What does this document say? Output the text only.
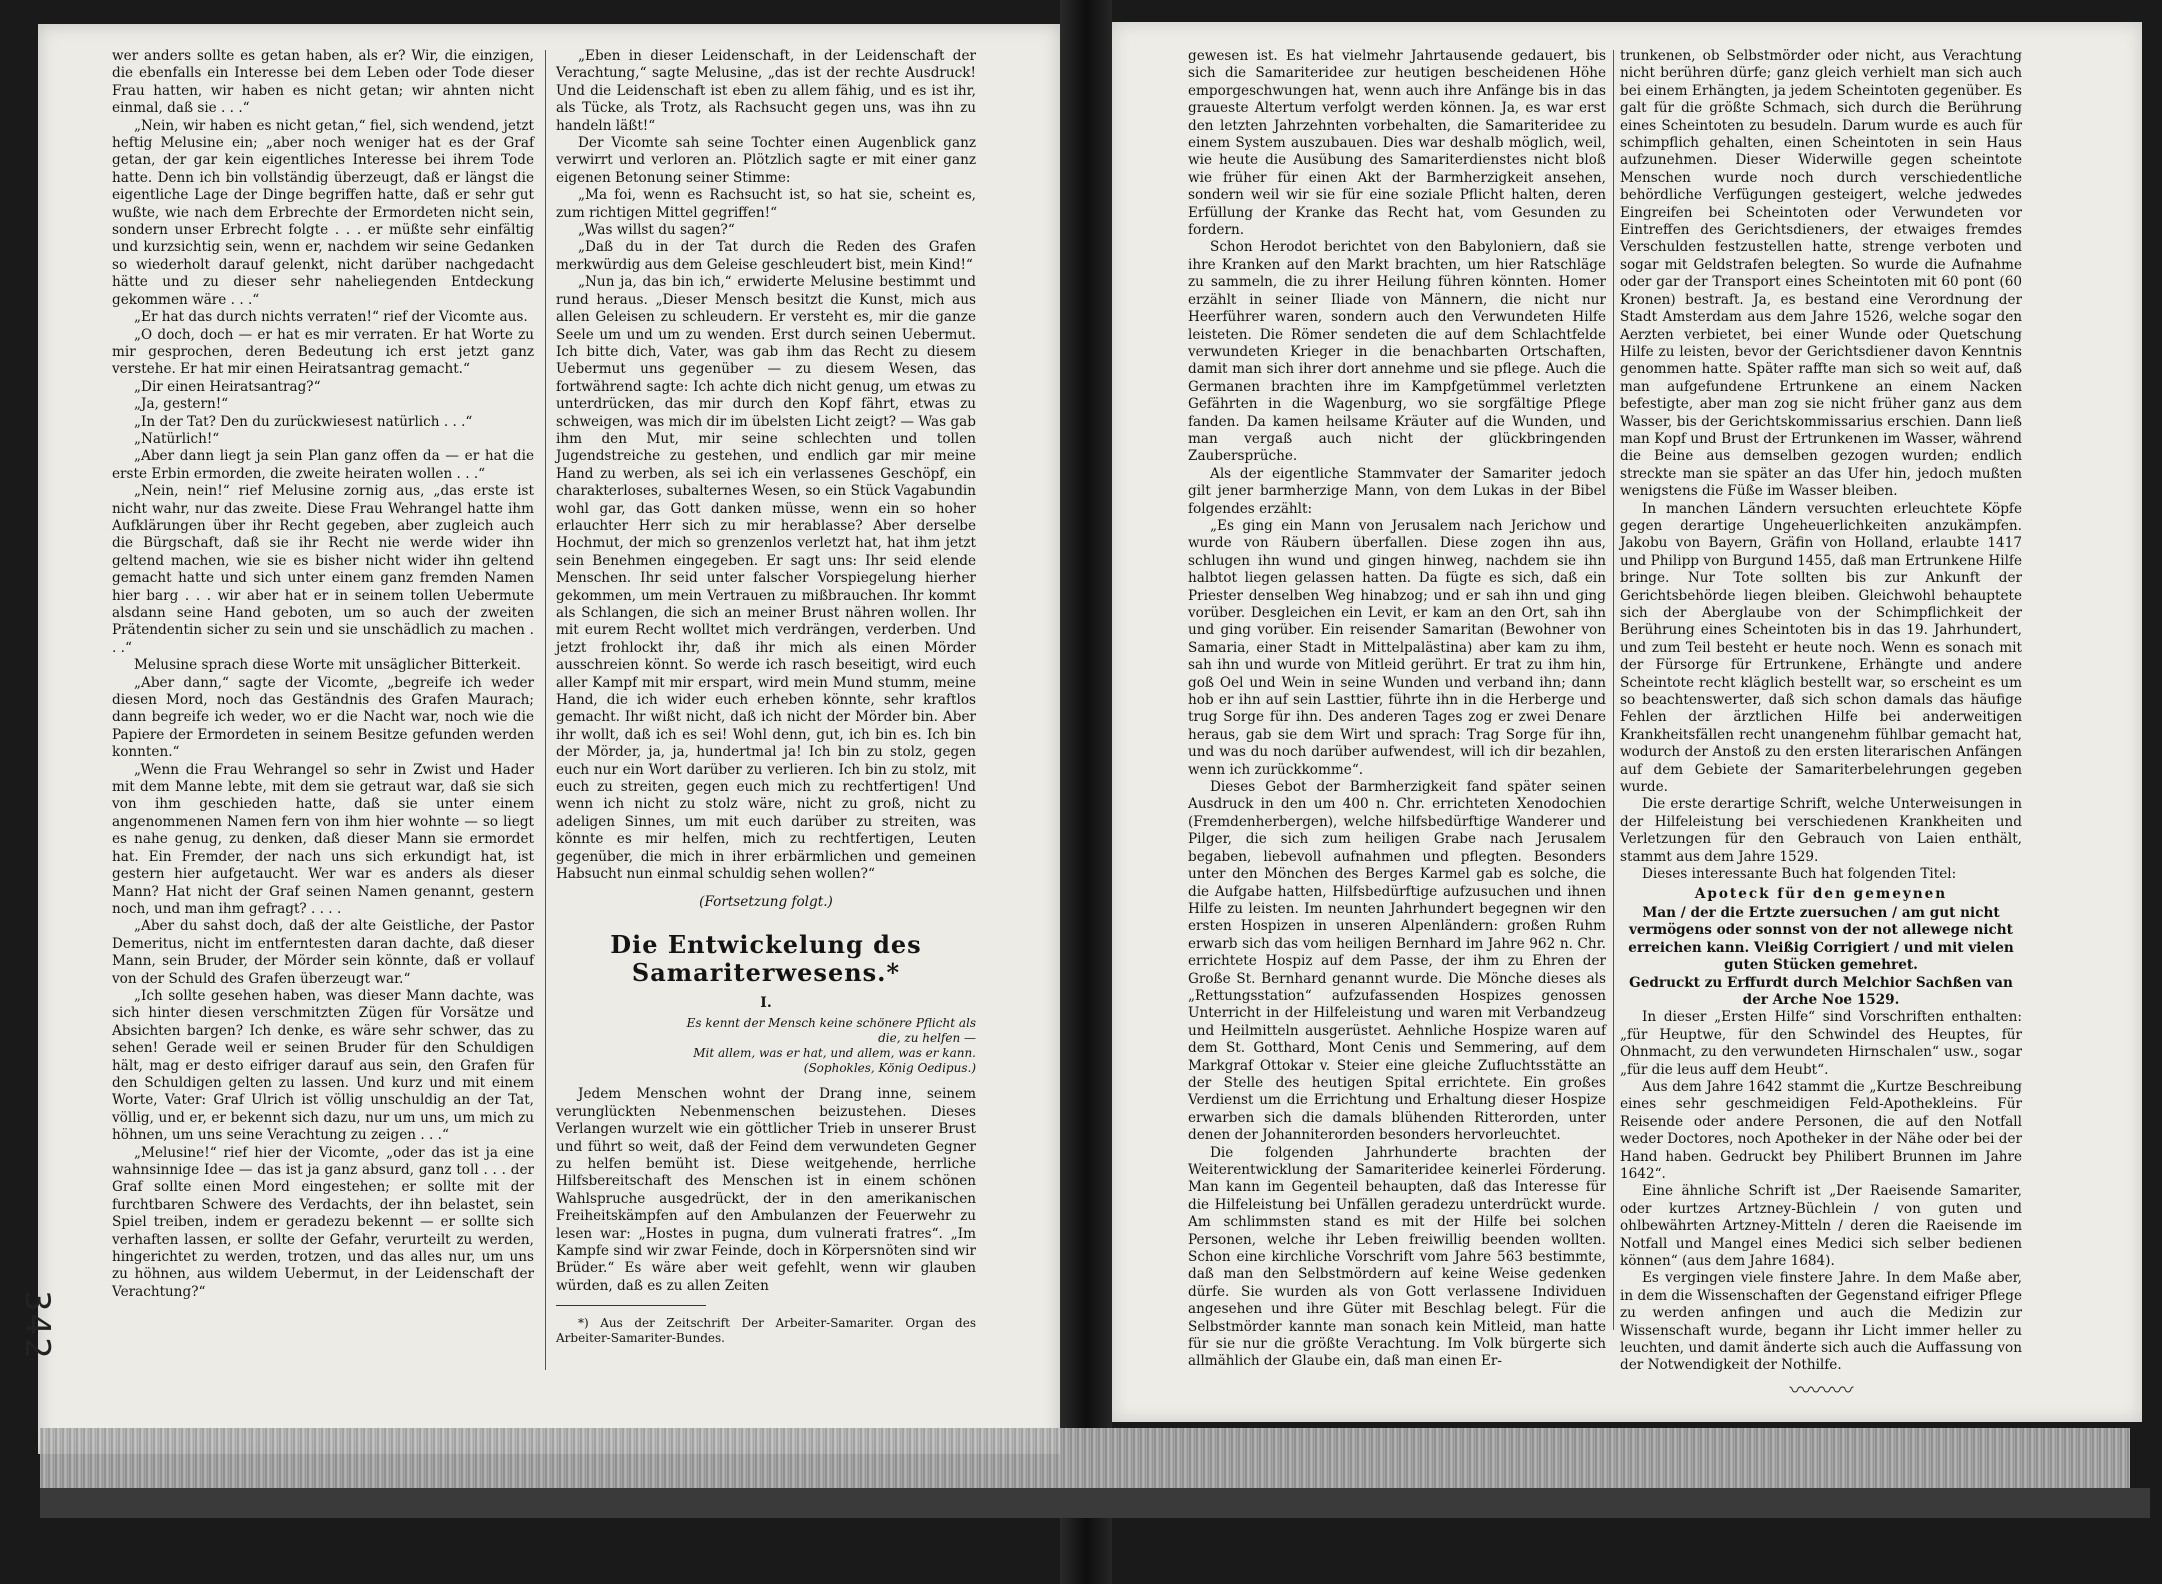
342

wer anders sollte es getan haben, als er? Wir, die einzigen, die ebenfalls ein Interesse bei dem Leben oder Tode dieser Frau hatten, wir haben es nicht getan; wir ahnten nicht einmal, daß sie . . .“

„Nein, wir haben es nicht getan,“ fiel, sich wendend, jetzt heftig Melusine ein; „aber noch weniger hat es der Graf getan, der gar kein eigentliches Interesse bei ihrem Tode hatte. Denn ich bin vollständig überzeugt, daß er längst die eigentliche Lage der Dinge begriffen hatte, daß er sehr gut wußte, wie nach dem Erbrechte der Ermordeten nicht sein, sondern unser Erbrecht folgte . . . er müßte sehr einfältig und kurzsichtig sein, wenn er, nachdem wir seine Gedanken so wiederholt darauf gelenkt, nicht darüber nachgedacht hätte und zu dieser sehr naheliegenden Entdeckung gekommen wäre . . .“

„Er hat das durch nichts verraten!“ rief der Vicomte aus.

„O doch, doch — er hat es mir verraten. Er hat Worte zu mir gesprochen, deren Bedeutung ich erst jetzt ganz verstehe. Er hat mir einen Heiratsantrag gemacht.“

„Dir einen Heiratsantrag?“

„Ja, gestern!“

„In der Tat? Den du zurückwiesest natürlich . . .“

„Natürlich!“

„Aber dann liegt ja sein Plan ganz offen da — er hat die erste Erbin ermorden, die zweite heiraten wollen . . .“

„Nein, nein!“ rief Melusine zornig aus, „das erste ist nicht wahr, nur das zweite. Diese Frau Wehrangel hatte ihm Aufklärungen über ihr Recht gegeben, aber zugleich auch die Bürgschaft, daß sie ihr Recht nie werde wider ihn geltend machen, wie sie es bisher nicht wider ihn geltend gemacht hatte und sich unter einem ganz fremden Namen hier barg . . . wir aber hat er in seinem tollen Uebermute alsdann seine Hand geboten, um so auch der zweiten Prätendentin sicher zu sein und sie unschädlich zu machen . . .“

Melusine sprach diese Worte mit unsäglicher Bitterkeit.

„Aber dann,“ sagte der Vicomte, „begreife ich weder diesen Mord, noch das Geständnis des Grafen Maurach; dann begreife ich weder, wo er die Nacht war, noch wie die Papiere der Ermordeten in seinem Besitze gefunden werden konnten.“

„Wenn die Frau Wehrangel so sehr in Zwist und Hader mit dem Manne lebte, mit dem sie getraut war, daß sie sich von ihm geschieden hatte, daß sie unter einem angenommenen Namen fern von ihm hier wohnte — so liegt es nahe genug, zu denken, daß dieser Mann sie ermordet hat. Ein Fremder, der nach uns sich erkundigt hat, ist gestern hier aufgetaucht. Wer war es anders als dieser Mann? Hat nicht der Graf seinen Namen genannt, gestern noch, und man ihm gefragt? . . . .

„Aber du sahst doch, daß der alte Geistliche, der Pastor Demeritus, nicht im entferntesten daran dachte, daß dieser Mann, sein Bruder, der Mörder sein könnte, daß er vollauf von der Schuld des Grafen überzeugt war.“

„Ich sollte gesehen haben, was dieser Mann dachte, was sich hinter diesen verschmitzten Zügen für Vorsätze und Absichten bargen? Ich denke, es wäre sehr schwer, das zu sehen! Gerade weil er seinen Bruder für den Schuldigen hält, mag er desto eifriger darauf aus sein, den Grafen für den Schuldigen gelten zu lassen. Und kurz und mit einem Worte, Vater: Graf Ulrich ist völlig unschuldig an der Tat, völlig, und er, er bekennt sich dazu, nur um uns, um mich zu höhnen, um uns seine Verachtung zu zeigen . . .“

„Melusine!“ rief hier der Vicomte, „oder das ist ja eine wahnsinnige Idee — das ist ja ganz absurd, ganz toll . . . der Graf sollte einen Mord eingestehen; er sollte mit der furchtbaren Schwere des Verdachts, der ihn belastet, sein Spiel treiben, indem er geradezu bekennt — er sollte sich verhaften lassen, er sollte der Gefahr, verurteilt zu werden, hingerichtet zu werden, trotzen, und das alles nur, um uns zu höhnen, aus wildem Uebermut, in der Leidenschaft der Verachtung?“

„Eben in dieser Leidenschaft, in der Leidenschaft der Verachtung,“ sagte Melusine, „das ist der rechte Ausdruck! Und die Leidenschaft ist eben zu allem fähig, und es ist ihr, als Tücke, als Trotz, als Rachsucht gegen uns, was ihn zu handeln läßt!“

Der Vicomte sah seine Tochter einen Augenblick ganz verwirrt und verloren an. Plötzlich sagte er mit einer ganz eigenen Betonung seiner Stimme:

„Ma foi, wenn es Rachsucht ist, so hat sie, scheint es, zum richtigen Mittel gegriffen!“

„Was willst du sagen?“

„Daß du in der Tat durch die Reden des Grafen merkwürdig aus dem Geleise geschleudert bist, mein Kind!“

„Nun ja, das bin ich,“ erwiderte Melusine bestimmt und rund heraus. „Dieser Mensch besitzt die Kunst, mich aus allen Geleisen zu schleudern. Er versteht es, mir die ganze Seele um und um zu wenden. Erst durch seinen Uebermut. Ich bitte dich, Vater, was gab ihm das Recht zu diesem Uebermut uns gegenüber — zu diesem Wesen, das fortwährend sagte: Ich achte dich nicht genug, um etwas zu unterdrücken, das mir durch den Kopf fährt, etwas zu schweigen, was mich dir im übelsten Licht zeigt? — Was gab ihm den Mut, mir seine schlechten und tollen Jugendstreiche zu gestehen, und endlich gar mir meine Hand zu werben, als sei ich ein verlassenes Geschöpf, ein charakterloses, subalternes Wesen, so ein Stück Vagabundin wohl gar, das Gott danken müsse, wenn ein so hoher erlauchter Herr sich zu mir herablasse? Aber derselbe Hochmut, der mich so grenzenlos verletzt hat, hat ihm jetzt sein Benehmen eingegeben. Er sagt uns: Ihr seid elende Menschen. Ihr seid unter falscher Vorspiegelung hierher gekommen, um mein Vertrauen zu mißbrauchen. Ihr kommt als Schlangen, die sich an meiner Brust nähren wollen. Ihr mit eurem Recht wolltet mich verdrängen, verderben. Und jetzt frohlockt ihr, daß ihr mich als einen Mörder ausschreien könnt. So werde ich rasch beseitigt, wird euch aller Kampf mit mir erspart, wird mein Mund stumm, meine Hand, die ich wider euch erheben könnte, sehr kraftlos gemacht. Ihr wißt nicht, daß ich nicht der Mörder bin. Aber ihr wollt, daß ich es sei! Wohl denn, gut, ich bin es. Ich bin der Mörder, ja, ja, hundertmal ja! Ich bin zu stolz, gegen euch nur ein Wort darüber zu verlieren. Ich bin zu stolz, mit euch zu streiten, gegen euch mich zu rechtfertigen! Und wenn ich nicht zu stolz wäre, nicht zu groß, nicht zu adeligen Sinnes, um mit euch darüber zu streiten, was könnte es mir helfen, mich zu rechtfertigen, Leuten gegenüber, die mich in ihrer erbärmlichen und gemeinen Habsucht nun einmal schuldig sehen wollen?“

(Fortsetzung folgt.)

Die Entwickelung des Samariterwesens.*
I.
Es kennt der Mensch keine schönere Pflicht als
die, zu helfen —
Mit allem, was er hat, und allem, was er kann.
(Sophokles, König Oedipus.)

Jedem Menschen wohnt der Drang inne, seinem verunglückten Nebenmenschen beizustehen. Dieses Verlangen wurzelt wie ein göttlicher Trieb in unserer Brust und führt so weit, daß der Feind dem verwundeten Gegner zu helfen bemüht ist. Diese weitgehende, herrliche Hilfsbereitschaft des Menschen ist in einem schönen Wahlspruche ausgedrückt, der in den amerikanischen Freiheitskämpfen auf den Ambulanzen der Feuerwehr zu lesen war: „Hostes in pugna, dum vulnerati fratres“. „Im Kampfe sind wir zwar Feinde, doch in Körpersnöten sind wir Brüder.“ Es wäre aber weit gefehlt, wenn wir glauben würden, daß es zu allen Zeiten

*) Aus der Zeitschrift Der Arbeiter-Samariter. Organ des Arbeiter-Samariter-Bundes.

gewesen ist. Es hat vielmehr Jahrtausende gedauert, bis sich die Samariteridee zur heutigen bescheidenen Höhe emporgeschwungen hat, wenn auch ihre Anfänge bis in das graueste Altertum verfolgt werden können. Ja, es war erst den letzten Jahrzehnten vorbehalten, die Samariteridee zu einem System auszubauen. Dies war deshalb möglich, weil, wie heute die Ausübung des Samariterdienstes nicht bloß wie früher für einen Akt der Barmherzigkeit ansehen, sondern weil wir sie für eine soziale Pflicht halten, deren Erfüllung der Kranke das Recht hat, vom Gesunden zu fordern.

Schon Herodot berichtet von den Babyloniern, daß sie ihre Kranken auf den Markt brachten, um hier Ratschläge zu sammeln, die zu ihrer Heilung führen könnten. Homer erzählt in seiner Iliade von Männern, die nicht nur Heerführer waren, sondern auch den Verwundeten Hilfe leisteten. Die Römer sendeten die auf dem Schlachtfelde verwundeten Krieger in die benachbarten Ortschaften, damit man sich ihrer dort annehme und sie pflege. Auch die Germanen brachten ihre im Kampfgetümmel verletzten Gefährten in die Wagenburg, wo sie sorgfältige Pflege fanden. Da kamen heilsame Kräuter auf die Wunden, und man vergaß auch nicht der glückbringenden Zaubersprüche.

Als der eigentliche Stammvater der Samariter jedoch gilt jener barmherzige Mann, von dem Lukas in der Bibel folgendes erzählt:

„Es ging ein Mann von Jerusalem nach Jerichow und wurde von Räubern überfallen. Diese zogen ihn aus, schlugen ihn wund und gingen hinweg, nachdem sie ihn halbtot liegen gelassen hatten. Da fügte es sich, daß ein Priester denselben Weg hinabzog; und er sah ihn und ging vorüber. Desgleichen ein Levit, er kam an den Ort, sah ihn und ging vorüber. Ein reisender Samaritan (Bewohner von Samaria, einer Stadt in Mittelpalästina) aber kam zu ihm, sah ihn und wurde von Mitleid gerührt. Er trat zu ihm hin, goß Oel und Wein in seine Wunden und verband ihn; dann hob er ihn auf sein Lasttier, führte ihn in die Herberge und trug Sorge für ihn. Des anderen Tages zog er zwei Denare heraus, gab sie dem Wirt und sprach: Trag Sorge für ihn, und was du noch darüber aufwendest, will ich dir bezahlen, wenn ich zurückkomme“.

Dieses Gebot der Barmherzigkeit fand später seinen Ausdruck in den um 400 n. Chr. errichteten Xenodochien (Fremdenherbergen), welche hilfsbedürftige Wanderer und Pilger, die sich zum heiligen Grabe nach Jerusalem begaben, liebevoll aufnahmen und pflegten. Besonders unter den Mönchen des Berges Karmel gab es solche, die die Aufgabe hatten, Hilfsbedürftige aufzusuchen und ihnen Hilfe zu leisten. Im neunten Jahrhundert begegnen wir den ersten Hospizen in unseren Alpenländern: großen Ruhm erwarb sich das vom heiligen Bernhard im Jahre 962 n. Chr. errichtete Hospiz auf dem Passe, der ihm zu Ehren der Große St. Bernhard genannt wurde. Die Mönche dieses als „Rettungsstation“ aufzufassenden Hospizes genossen Unterricht in der Hilfeleistung und waren mit Verbandzeug und Heilmitteln ausgerüstet. Aehnliche Hospize waren auf dem St. Gotthard, Mont Cenis und Semmering, auf dem Markgraf Ottokar v. Steier eine gleiche Zufluchtsstätte an der Stelle des heutigen Spital errichtete. Ein großes Verdienst um die Errichtung und Erhaltung dieser Hospize erwarben sich die damals blühenden Ritterorden, unter denen der Johanniterorden besonders hervorleuchtet.

Die folgenden Jahrhunderte brachten der Weiterentwicklung der Samariteridee keinerlei Förderung. Man kann im Gegenteil behaupten, daß das Interesse für die Hilfeleistung bei Unfällen geradezu unterdrückt wurde. Am schlimmsten stand es mit der Hilfe bei solchen Personen, welche ihr Leben freiwillig beenden wollten. Schon eine kirchliche Vorschrift vom Jahre 563 bestimmte, daß man den Selbstmördern auf keine Weise gedenken dürfe. Sie wurden als von Gott verlassene Individuen angesehen und ihre Güter mit Beschlag belegt. Für die Selbstmörder kannte man sonach kein Mitleid, man hatte für sie nur die größte Verachtung. Im Volk bürgerte sich allmählich der Glaube ein, daß man einen Er-

trunkenen, ob Selbstmörder oder nicht, aus Verachtung nicht berühren dürfe; ganz gleich verhielt man sich auch bei einem Erhängten, ja jedem Scheintoten gegenüber. Es galt für die größte Schmach, sich durch die Berührung eines Scheintoten zu besudeln. Darum wurde es auch für schimpflich gehalten, einen Scheintoten in sein Haus aufzunehmen. Dieser Widerwille gegen scheintote Menschen wurde noch durch verschiedentliche behördliche Verfügungen gesteigert, welche jedwedes Eingreifen bei Scheintoten oder Verwundeten vor Eintreffen des Gerichtsdieners, der etwaiges fremdes Verschulden festzustellen hatte, strenge verboten und sogar mit Geldstrafen belegten. So wurde die Aufnahme oder gar der Transport eines Scheintoten mit 60 pont (60 Kronen) bestraft. Ja, es bestand eine Verordnung der Stadt Amsterdam aus dem Jahre 1526, welche sogar den Aerzten verbietet, bei einer Wunde oder Quetschung Hilfe zu leisten, bevor der Gerichtsdiener davon Kenntnis genommen hatte. Später raffte man sich so weit auf, daß man aufgefundene Ertrunkene an einem Nacken befestigte, aber man zog sie nicht früher ganz aus dem Wasser, bis der Gerichtskommissarius erschien. Dann ließ man Kopf und Brust der Ertrunkenen im Wasser, während die Beine aus demselben gezogen wurden; endlich streckte man sie später an das Ufer hin, jedoch mußten wenigstens die Füße im Wasser bleiben.

In manchen Ländern versuchten erleuchtete Köpfe gegen derartige Ungeheuerlichkeiten anzukämpfen. Jakobu von Bayern, Gräfin von Holland, erlaubte 1417 und Philipp von Burgund 1455, daß man Ertrunkene Hilfe bringe. Nur Tote sollten bis zur Ankunft der Gerichtsbehörde liegen bleiben. Gleichwohl behauptete sich der Aberglaube von der Schimpflichkeit der Berührung eines Scheintoten bis in das 19. Jahrhundert, und zum Teil besteht er heute noch. Wenn es sonach mit der Fürsorge für Ertrunkene, Erhängte und andere Scheintote recht kläglich bestellt war, so erscheint es um so beachtenswerter, daß sich schon damals das häufige Fehlen der ärztlichen Hilfe bei anderweitigen Krankheitsfällen recht unangenehm fühlbar gemacht hat, wodurch der Anstoß zu den ersten literarischen Anfängen auf dem Gebiete der Samariterbelehrungen gegeben wurde.

Die erste derartige Schrift, welche Unterweisungen in der Hilfeleistung bei verschiedenen Krankheiten und Verletzungen für den Gebrauch von Laien enthält, stammt aus dem Jahre 1529.

Dieses interessante Buch hat folgenden Titel:

Apoteck für den gemeynen

Man / der die Ertzte zuersuchen / am gut nicht vermögens oder sonnst von der not allewege nicht erreichen kann. Vleißig Corrigiert / und mit vielen guten Stücken gemehret.

Gedruckt zu Erffurdt durch Melchior Sachßen van der Arche Noe 1529.

In dieser „Ersten Hilfe“ sind Vorschriften enthalten: „für Heuptwe, für den Schwindel des Heuptes, für Ohnmacht, zu den verwundeten Hirnschalen“ usw., sogar „für die leus auff dem Heubt“.

Aus dem Jahre 1642 stammt die „Kurtze Beschreibung eines sehr geschmeidigen Feld-Apothekleins. Für Reisende oder andere Personen, die auf den Notfall weder Doctores, noch Apotheker in der Nähe oder bei der Hand haben. Gedruckt bey Philibert Brunnen im Jahre 1642“.

Eine ähnliche Schrift ist „Der Raeisende Samariter, oder kurtzes Artzney-Büchlein / von guten und ohlbewährten Artzney-Mitteln / deren die Raeisende im Notfall und Mangel eines Medici sich selber bedienen können“ (aus dem Jahre 1684).

Es vergingen viele finstere Jahre. In dem Maße aber, in dem die Wissenschaften der Gegenstand eifriger Pflege zu werden anfingen und auch die Medizin zur Wissenschaft wurde, begann ihr Licht immer heller zu leuchten, und damit änderte sich auch die Auffassung von der Notwendigkeit der Nothilfe.

〰〰〰
